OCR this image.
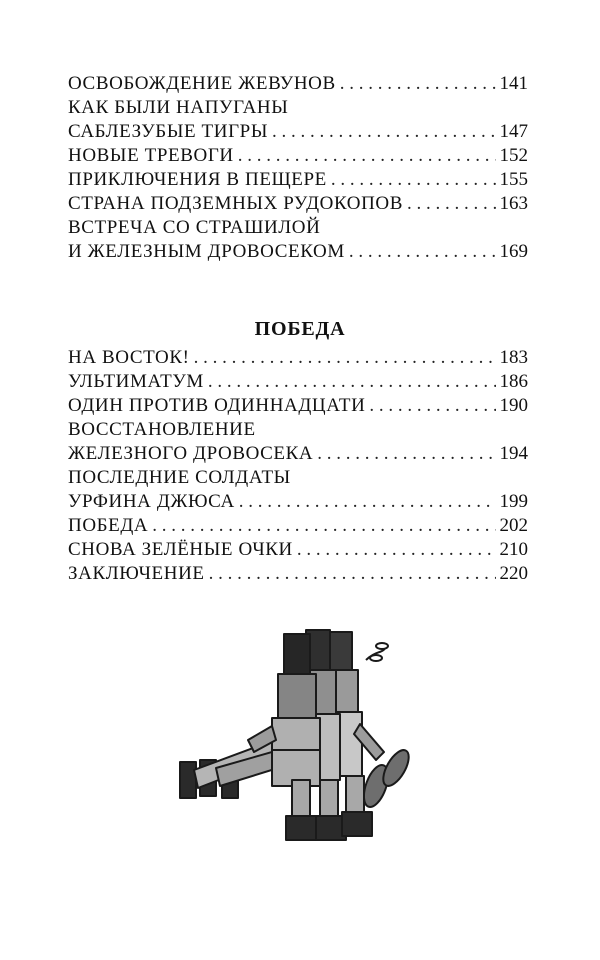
ОСВОБОЖДЕНИЕ ЖЕВУНОВ . . .	141
КАК БЫЛИ НАПУГАНЫ
САБЛЕЗУБЫЕ ТИГРЫ . . .	147
НОВЫЕ ТРЕВОГИ . . .	152
ПРИКЛЮЧЕНИЯ В ПЕЩЕРЕ . . .	155
СТРАНА ПОДЗЕМНЫХ РУДОКОПОВ . . .	163
ВСТРЕЧА СО СТРАШИЛОЙ
И ЖЕЛЕЗНЫМ ДРОВОСЕКОМ . . .	169
ПОБЕДА
НА ВОСТОК! . . .	183
УЛЬТИМАТУМ . . .	186
ОДИН ПРОТИВ ОДИННАДЦАТИ . . .	190
ВОССТАНОВЛЕНИЕ
ЖЕЛЕЗНОГО ДРОВОСЕКА . . .	194
ПОСЛЕДНИЕ СОЛДАТЫ
УРФИНА ДЖЮСА . . .	199
ПОБЕДА . . .	202
СНОВА ЗЕЛЁНЫЕ ОЧКИ . . .	210
ЗАКЛЮЧЕНИЕ . . .	220
